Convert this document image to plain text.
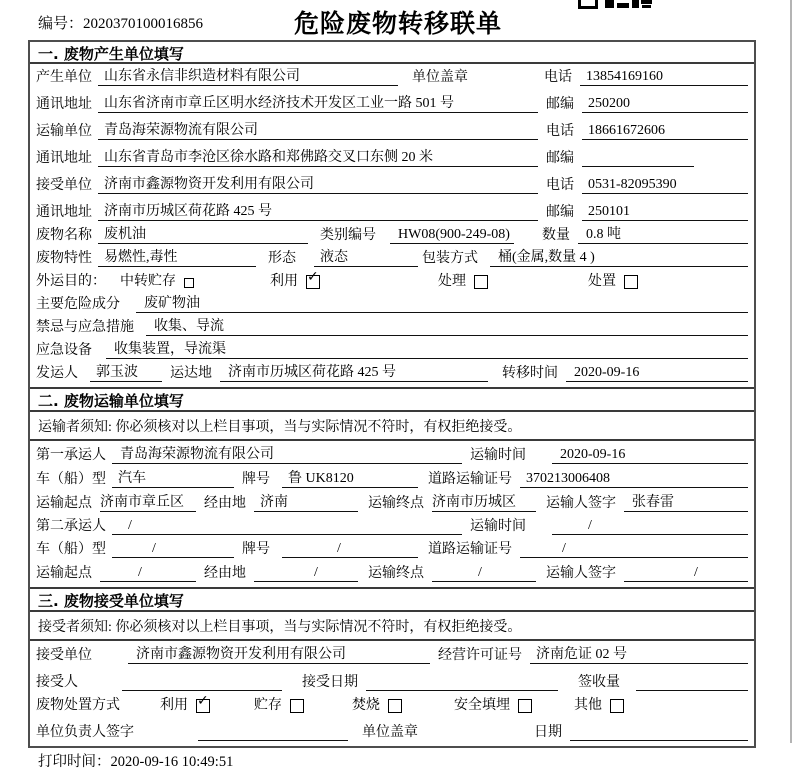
编号：2020370100016856	危险废物转移联单
一. 废物产生单位填写
产生单位 山东省永信非织造材料有限公司	单位盖章	电话	13854169160
通讯地址 山东省济南市章丘区明水经济技术开发区工业一路 501 号	邮编	250200
运输单位 青岛海荣源物流有限公司	电话	18661672606
通讯地址 山东省青岛市李沧区徐水路和郑佛路交叉口东侧 20 米	邮编
接受单位 济南市鑫源物资开发利用有限公司	电话	0531-82095390
通讯地址 济南市历城区荷花路 425 号	邮编	250101
废物名称 废机油	类别编号	HW08(900-249-08) 数量	0.8 吨
废物特性 易燃性,毒性	形态	液态	包装方式	桶(金属,数量 4 )
外运目的： 中转贮存	利用 ✓	处理	处置
主要危险成分	废矿物油
禁忌与应急措施	收集、导流
应急设备	收集装置，导流渠
发运人	郭玉波	运达地	济南市历城区荷花路 425 号	转移时间	2020-09-16
二. 废物运输单位填写
运输者须知: 你必须核对以上栏目事项，当与实际情况不符时，有权拒绝接受。
第一承运人	青岛海荣源物流有限公司	运输时间	2020-09-16
车（船）型 汽车	牌号	鲁 UK8120	道路运输证号	370213006408
运输起点 济南市章丘区	经由地	济南	运输终点 济南市历城区	运输人签字	张春雷
第二承运人	/	运输时间	/
车（船）型	/	牌号	/	道路运输证号	/
运输起点	/	经由地	/	运输终点	/	运输人签字	/
三. 废物接受单位填写
接受者须知: 你必须核对以上栏目事项，当与实际情况不符时，有权拒绝接受。
接受单位	济南市鑫源物资开发利用有限公司	经营许可证号	济南危证 02 号
接受人	接受日期	签收量
废物处置方式	利用 ✓	贮存	焚烧	安全填埋	其他
单位负责人签字	单位盖章	日期
打印时间：2020-09-16 10:49:51
